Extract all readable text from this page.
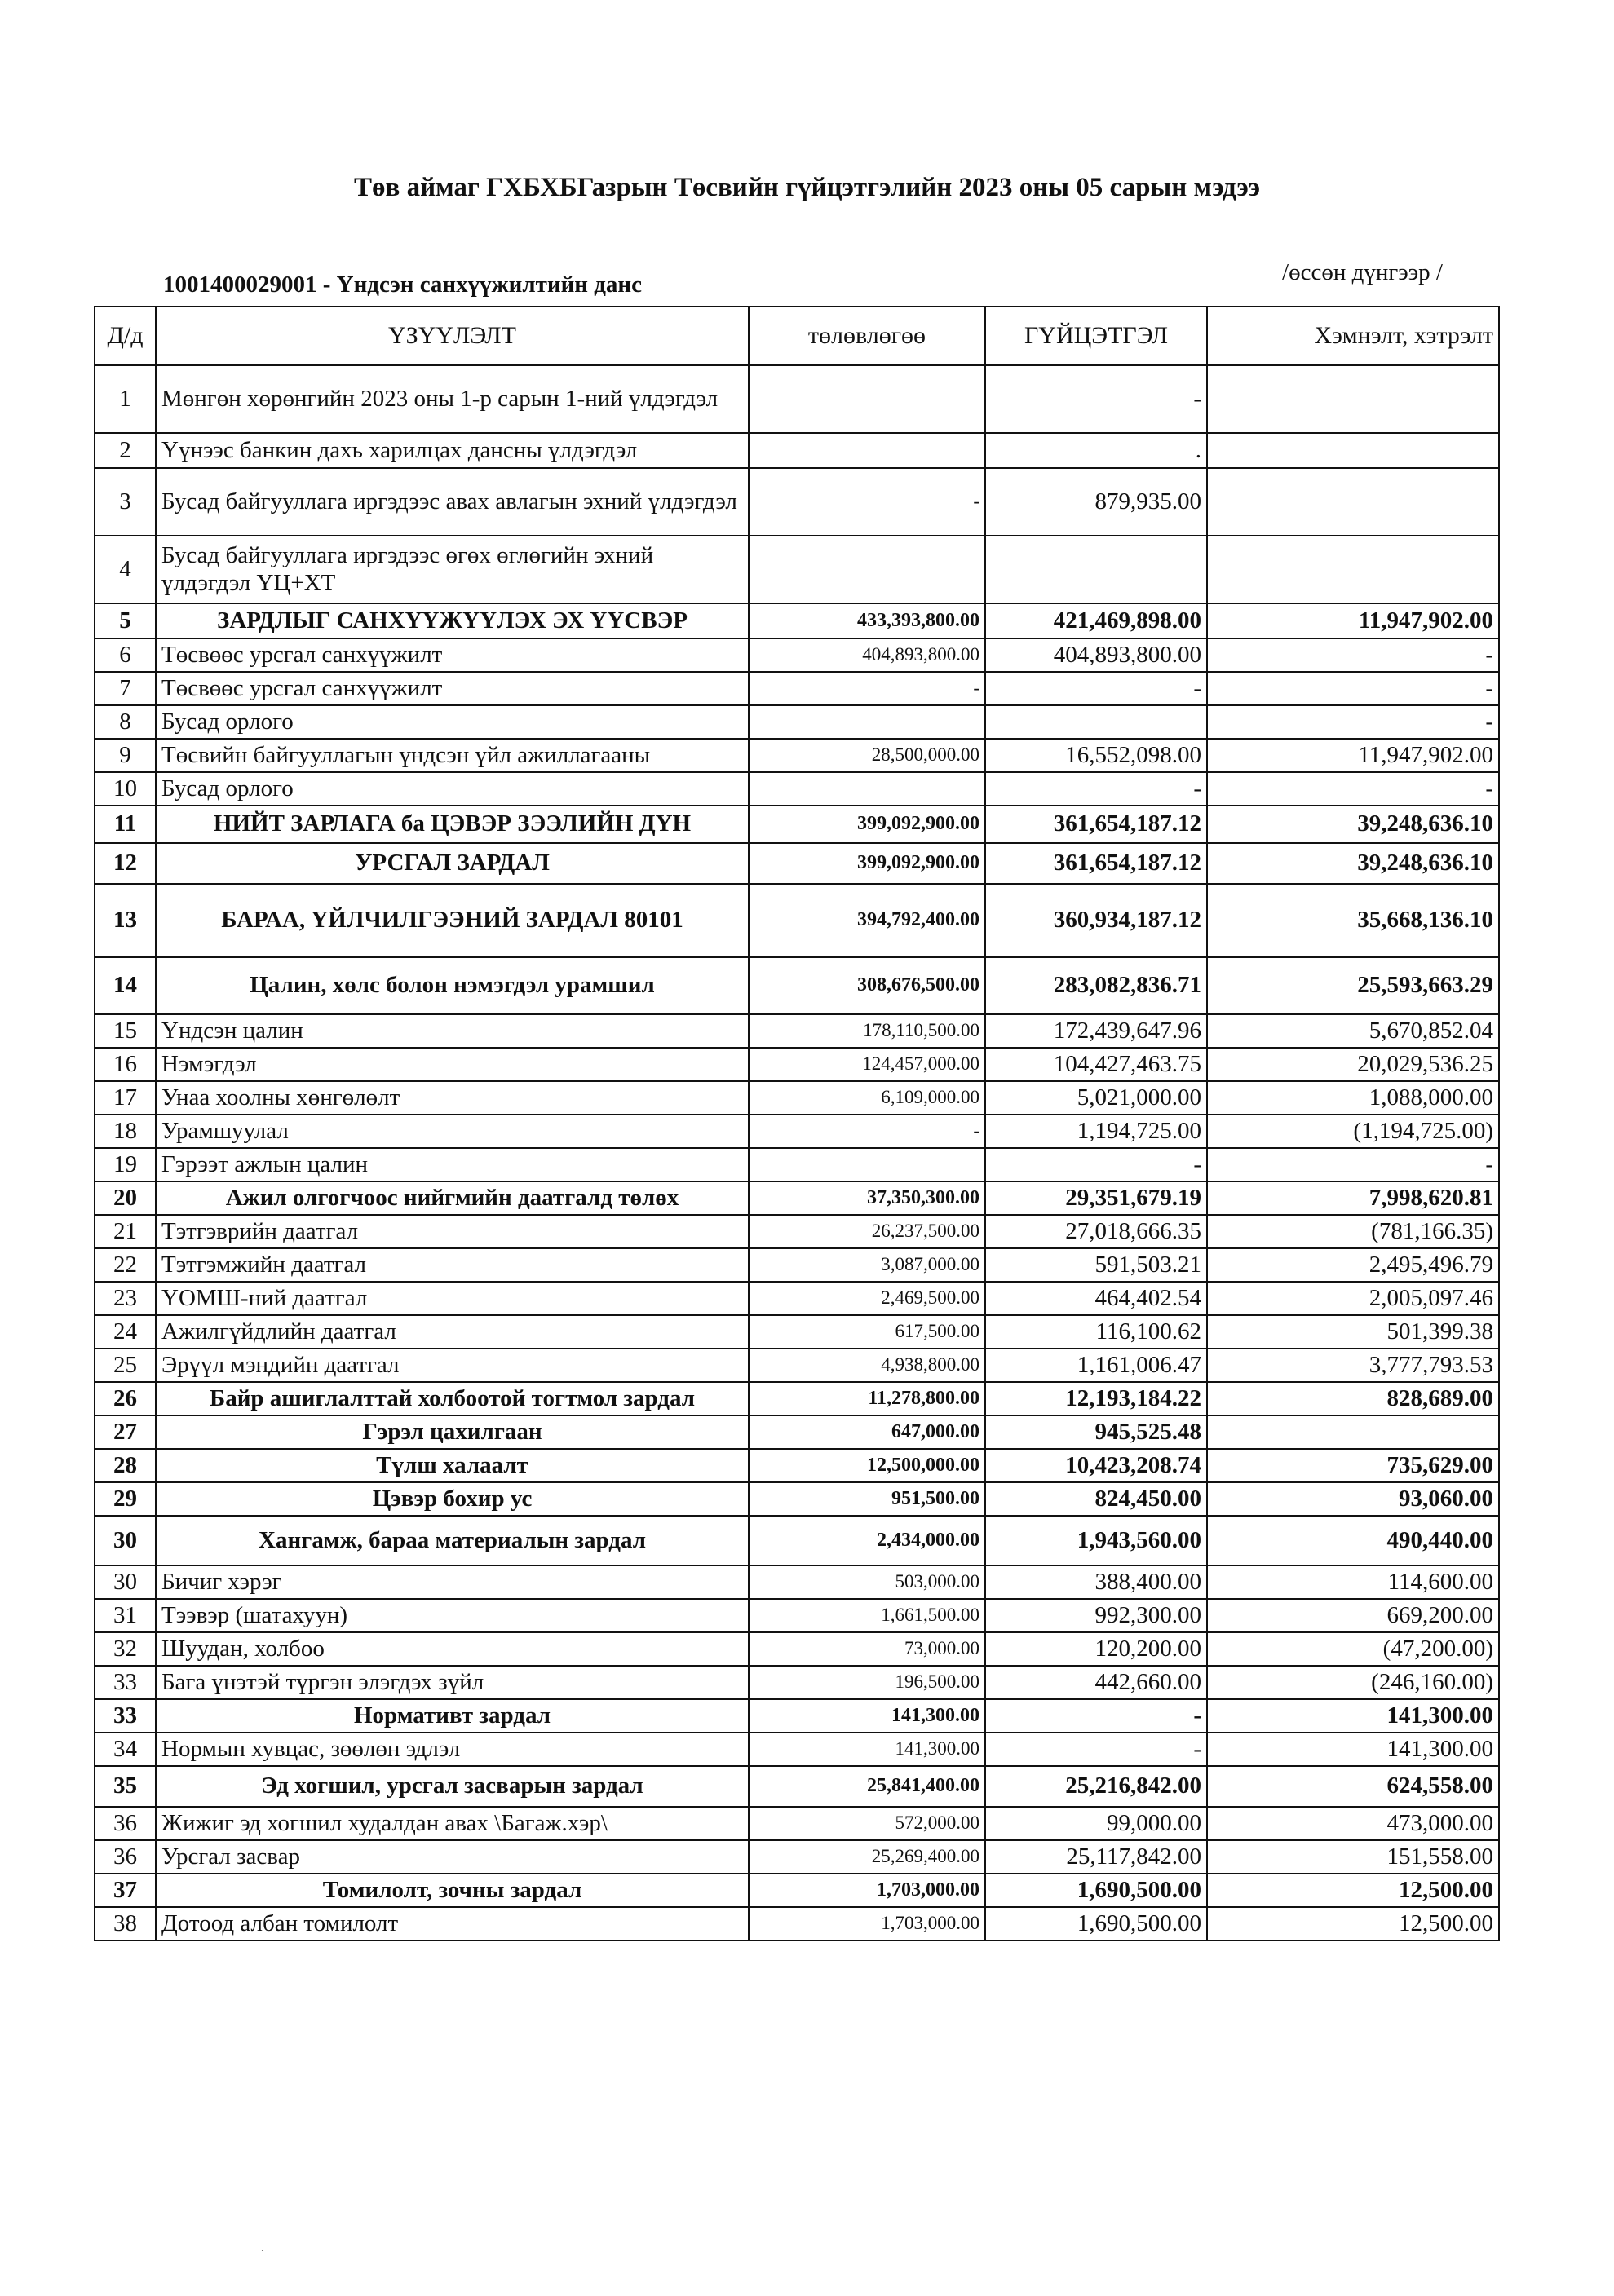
Төв аймаг ГХБХБГазрын Төсвийн гүйцэтгэлийн 2023 оны 05 сарын мэдээ
1001400029001 - Үндсэн санхүүжилтийн данс	/өссөн дүнгээр /
Д/д	ҮЗҮҮЛЭЛТ	төлөвлөгөө	ГҮЙЦЭТГЭЛ	Хэмнэлт, хэтрэлт
1	Мөнгөн хөрөнгийн 2023 оны 1-р сарын 1-ний үлдэгдэл		-	
2	Үүнээс банкин дахь харилцах дансны үлдэгдэл		.	
3	Бусад байгууллага иргэдээс авах авлагын эхний үлдэгдэл	-	879,935.00	
4	Бусад байгууллага иргэдээс өгөх өглөгийн эхний үлдэгдэл ҮЦ+ХТ			
5	ЗАРДЛЫГ САНХҮҮЖҮҮЛЭХ ЭХ ҮҮСВЭР	433,393,800.00	421,469,898.00	11,947,902.00
6	Төсвөөс урсгал санхүүжилт	404,893,800.00	404,893,800.00	-
7	Төсвөөс урсгал санхүүжилт	-	-	-
8	Бусад орлого			-
9	Төсвийн байгууллагын үндсэн үйл ажиллагааны	28,500,000.00	16,552,098.00	11,947,902.00
10	Бусад орлого		-	-
11	НИЙТ ЗАРЛАГА ба ЦЭВЭР ЗЭЭЛИЙН ДҮН	399,092,900.00	361,654,187.12	39,248,636.10
12	УРСГАЛ ЗАРДАЛ	399,092,900.00	361,654,187.12	39,248,636.10
13	БАРАА, ҮЙЛЧИЛГЭЭНИЙ ЗАРДАЛ 80101	394,792,400.00	360,934,187.12	35,668,136.10
14	Цалин, хөлс болон нэмэгдэл урамшил	308,676,500.00	283,082,836.71	25,593,663.29
15	Үндсэн цалин	178,110,500.00	172,439,647.96	5,670,852.04
16	Нэмэгдэл	124,457,000.00	104,427,463.75	20,029,536.25
17	Унаа хоолны хөнгөлөлт	6,109,000.00	5,021,000.00	1,088,000.00
18	Урамшуулал	-	1,194,725.00	(1,194,725.00)
19	Гэрээт ажлын цалин		-	-
20	Ажил олгогчоос нийгмийн даатгалд төлөх	37,350,300.00	29,351,679.19	7,998,620.81
21	Тэтгэврийн даатгал	26,237,500.00	27,018,666.35	(781,166.35)
22	Тэтгэмжийн даатгал	3,087,000.00	591,503.21	2,495,496.79
23	ҮОМШ-ний даатгал	2,469,500.00	464,402.54	2,005,097.46
24	Ажилгүйдлийн даатгал	617,500.00	116,100.62	501,399.38
25	Эрүүл мэндийн даатгал	4,938,800.00	1,161,006.47	3,777,793.53
26	Байр ашиглалттай холбоотой тогтмол зардал	11,278,800.00	12,193,184.22	828,689.00
27	Гэрэл цахилгаан	647,000.00	945,525.48	
28	Түлш халаалт	12,500,000.00	10,423,208.74	735,629.00
29	Цэвэр бохир ус	951,500.00	824,450.00	93,060.00
30	Хангамж, бараа материалын зардал	2,434,000.00	1,943,560.00	490,440.00
30	Бичиг хэрэг	503,000.00	388,400.00	114,600.00
31	Тээвэр (шатахуун)	1,661,500.00	992,300.00	669,200.00
32	Шуудан, холбоо	73,000.00	120,200.00	(47,200.00)
33	Бага үнэтэй түргэн элэгдэх зүйл	196,500.00	442,660.00	(246,160.00)
33	Нормативт зардал	141,300.00	-	141,300.00
34	Нормын хувцас, зөөлөн эдлэл	141,300.00	-	141,300.00
35	Эд хогшил, урсгал засварын зардал	25,841,400.00	25,216,842.00	624,558.00
36	Жижиг эд хогшил худалдан авах \Багаж.хэр\	572,000.00	99,000.00	473,000.00
36	Урсгал засвар	25,269,400.00	25,117,842.00	151,558.00
37	Томилолт, зочны зардал	1,703,000.00	1,690,500.00	12,500.00
38	Дотоод албан томилолт	1,703,000.00	1,690,500.00	12,500.00
.
